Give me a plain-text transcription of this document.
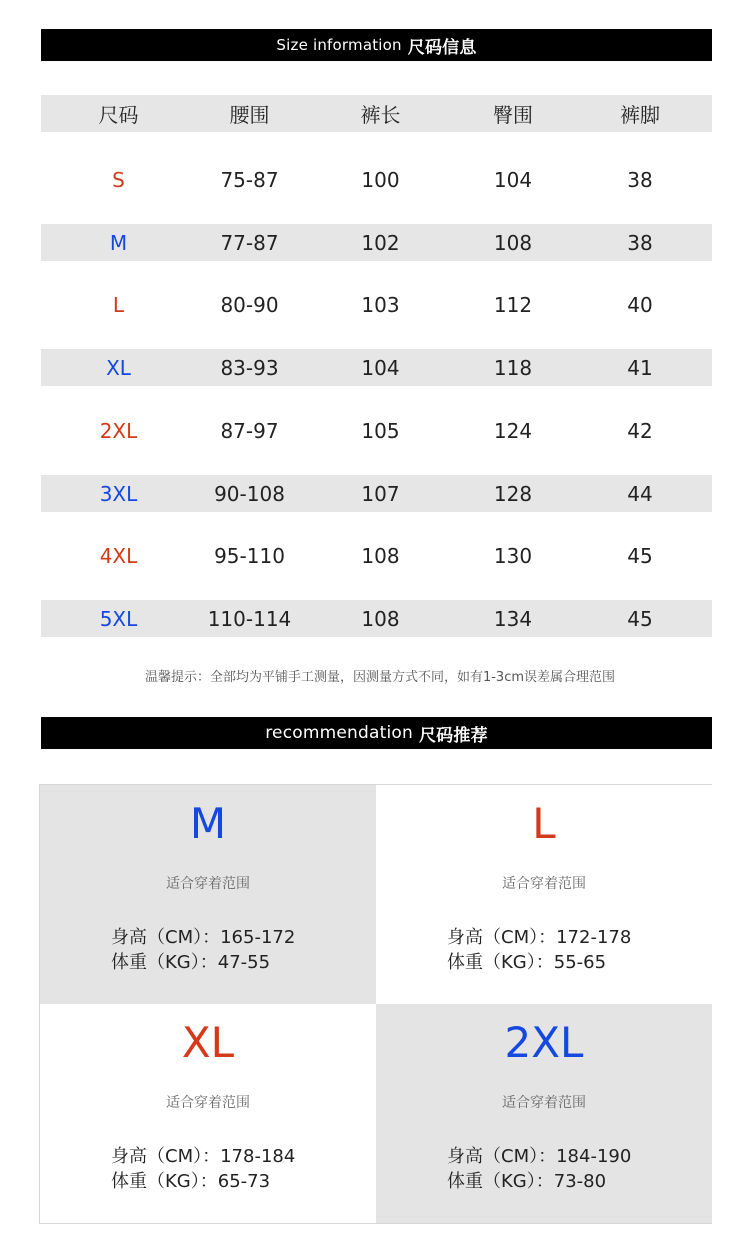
Size information 尺码信息
尺码	腰围	裤长	臀围	裤脚
S	75-87	100	104	38
M	77-87	102	108	38
L	80-90	103	112	40
XL	83-93	104	118	41
2XL	87-97	105	124	42
3XL	90-108	107	128	44
4XL	95-110	108	130	45
5XL	110-114	108	134	45
温馨提示：全部均为平铺手工测量，因测量方式不同，如有1-3cm误差属合理范围
recommendation 尺码推荐
M
适合穿着范围
身高（CM）：165-172
体重（KG）：47-55
L
适合穿着范围
身高（CM）：172-178
体重（KG）：55-65
XL
适合穿着范围
身高（CM）：178-184
体重（KG）：65-73
2XL
适合穿着范围
身高（CM）：184-190
体重（KG）：73-80
